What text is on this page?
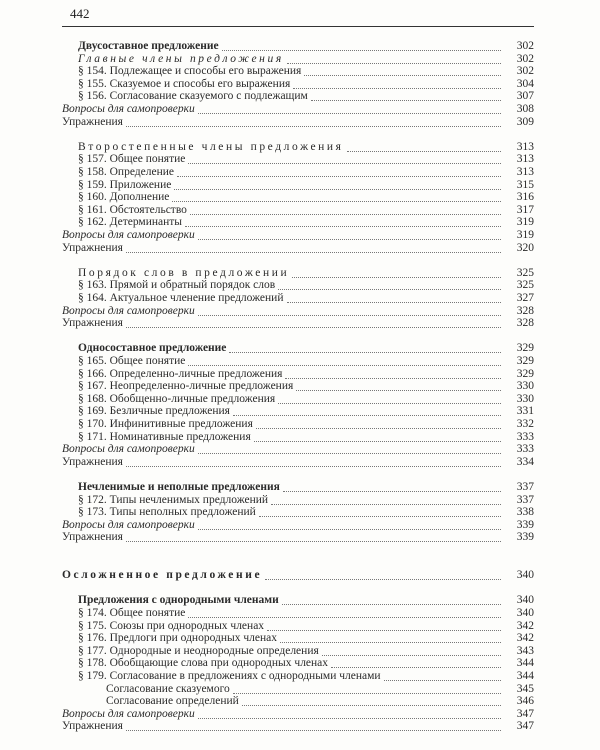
442
Двусоставное предложение	302
Главные члены предложения	302
§ 154. Подлежащее и способы его выражения	302
§ 155. Сказуемое и способы его выражения	304
§ 156. Согласование сказуемого с подлежащим	307
Вопросы для самопроверки	308
Упражнения	309
Второстепенные члены предложения	313
§ 157. Общее понятие	313
§ 158. Определение	313
§ 159. Приложение	315
§ 160. Дополнение	316
§ 161. Обстоятельство	317
§ 162. Детерминанты	319
Вопросы для самопроверки	319
Упражнения	320
Порядок слов в предложении	325
§ 163. Прямой и обратный порядок слов	325
§ 164. Актуальное членение предложений	327
Вопросы для самопроверки	328
Упражнения	328
Односоставное предложение	329
§ 165. Общее понятие	329
§ 166. Определенно-личные предложения	329
§ 167. Неопределенно-личные предложения	330
§ 168. Обобщенно-личные предложения	330
§ 169. Безличные предложения	331
§ 170. Инфинитивные предложения	332
§ 171. Номинативные предложения	333
Вопросы для самопроверки	333
Упражнения	334
Нечленимые и неполные предложения	337
§ 172. Типы нечленимых предложений	337
§ 173. Типы неполных предложений	338
Вопросы для самопроверки	339
Упражнения	339
Осложненное предложение	340
Предложения с однородными членами	340
§ 174. Общее понятие	340
§ 175. Союзы при однородных членах	342
§ 176. Предлоги при однородных членах	342
§ 177. Однородные и неоднородные определения	343
§ 178. Обобщающие слова при однородных членах	344
§ 179. Согласование в предложениях с однородными членами	344
Согласование сказуемого	345
Согласование определений	346
Вопросы для самопроверки	347
Упражнения	347
